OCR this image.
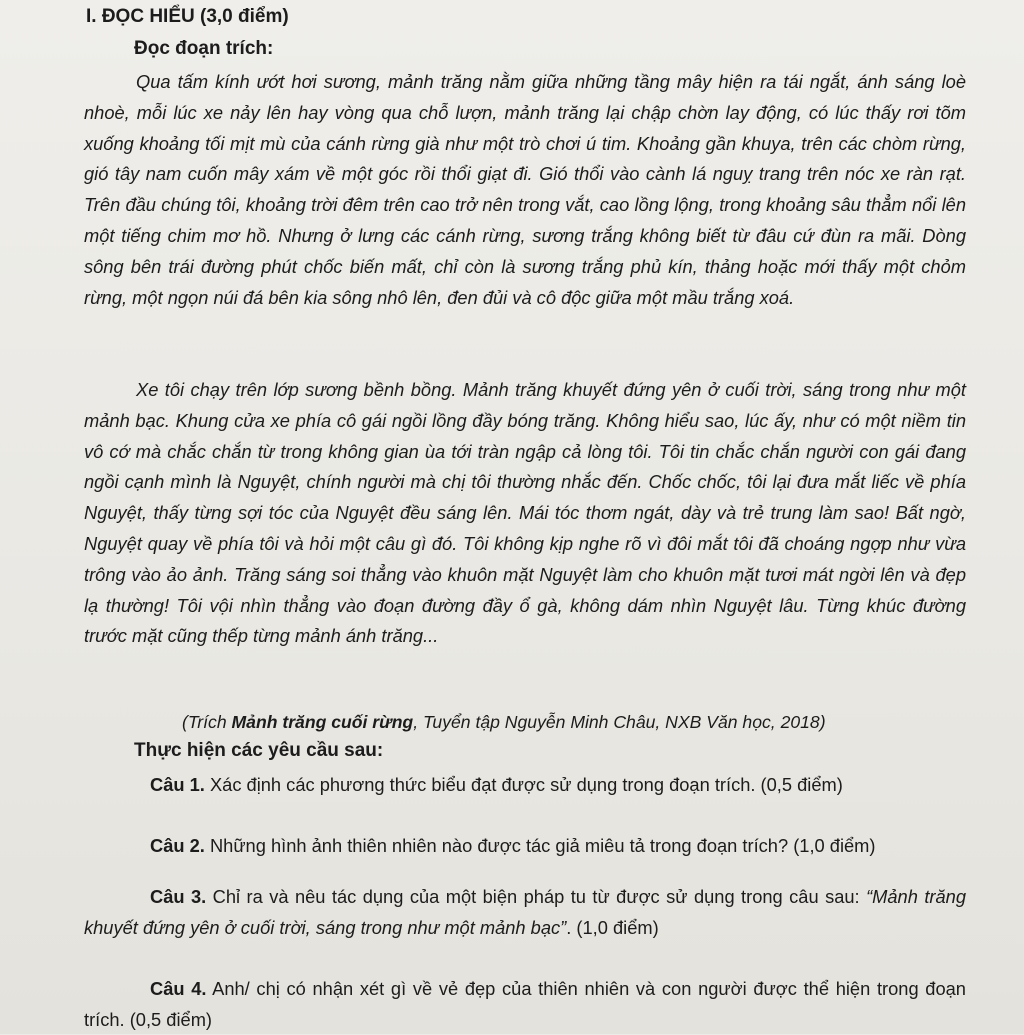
I. ĐỌC HIỂU (3,0 điểm)
Đọc đoạn trích:

Qua tấm kính ướt hơi sương, mảnh trăng nằm giữa những tầng mây hiện ra tái ngắt, ánh sáng loè nhoè, mỗi lúc xe nảy lên hay vòng qua chỗ lượn, mảnh trăng lại chập chờn lay động, có lúc thấy rơi tõm xuống khoảng tối mịt mù của cánh rừng già như một trò chơi ú tim. Khoảng gần khuya, trên các chòm rừng, gió tây nam cuốn mây xám về một góc rồi thổi giạt đi. Gió thổi vào cành lá nguỵ trang trên nóc xe ràn rạt. Trên đầu chúng tôi, khoảng trời đêm trên cao trở nên trong vắt, cao lồng lộng, trong khoảng sâu thẳm nổi lên một tiếng chim mơ hồ. Nhưng ở lưng các cánh rừng, sương trắng không biết từ đâu cứ đùn ra mãi. Dòng sông bên trái đường phút chốc biến mất, chỉ còn là sương trắng phủ kín, thảng hoặc mới thấy một chỏm rừng, một ngọn núi đá bên kia sông nhô lên, đen đủi và cô độc giữa một mầu trắng xoá.

Xe tôi chạy trên lớp sương bềnh bồng. Mảnh trăng khuyết đứng yên ở cuối trời, sáng trong như một mảnh bạc. Khung cửa xe phía cô gái ngồi lồng đầy bóng trăng. Không hiểu sao, lúc ấy, như có một niềm tin vô cớ mà chắc chắn từ trong không gian ùa tới tràn ngập cả lòng tôi. Tôi tin chắc chắn người con gái đang ngồi cạnh mình là Nguyệt, chính người mà chị tôi thường nhắc đến. Chốc chốc, tôi lại đưa mắt liếc về phía Nguyệt, thấy từng sợi tóc của Nguyệt đều sáng lên. Mái tóc thơm ngát, dày và trẻ trung làm sao! Bất ngờ, Nguyệt quay về phía tôi và hỏi một câu gì đó. Tôi không kịp nghe rõ vì đôi mắt tôi đã choáng ngợp như vừa trông vào ảo ảnh. Trăng sáng soi thẳng vào khuôn mặt Nguyệt làm cho khuôn mặt tươi mát ngời lên và đẹp lạ thường! Tôi vội nhìn thẳng vào đoạn đường đầy ổ gà, không dám nhìn Nguyệt lâu. Từng khúc đường trước mặt cũng thếp từng mảnh ánh trăng...

(Trích Mảnh trăng cuối rừng, Tuyển tập Nguyễn Minh Châu, NXB Văn học, 2018)
Thực hiện các yêu cầu sau:

Câu 1. Xác định các phương thức biểu đạt được sử dụng trong đoạn trích. (0,5 điểm)

Câu 2. Những hình ảnh thiên nhiên nào được tác giả miêu tả trong đoạn trích? (1,0 điểm)

Câu 3. Chỉ ra và nêu tác dụng của một biện pháp tu từ được sử dụng trong câu sau: “Mảnh trăng khuyết đứng yên ở cuối trời, sáng trong như một mảnh bạc”. (1,0 điểm)

Câu 4. Anh/ chị có nhận xét gì về vẻ đẹp của thiên nhiên và con người được thể hiện trong đoạn trích. (0,5 điểm)
